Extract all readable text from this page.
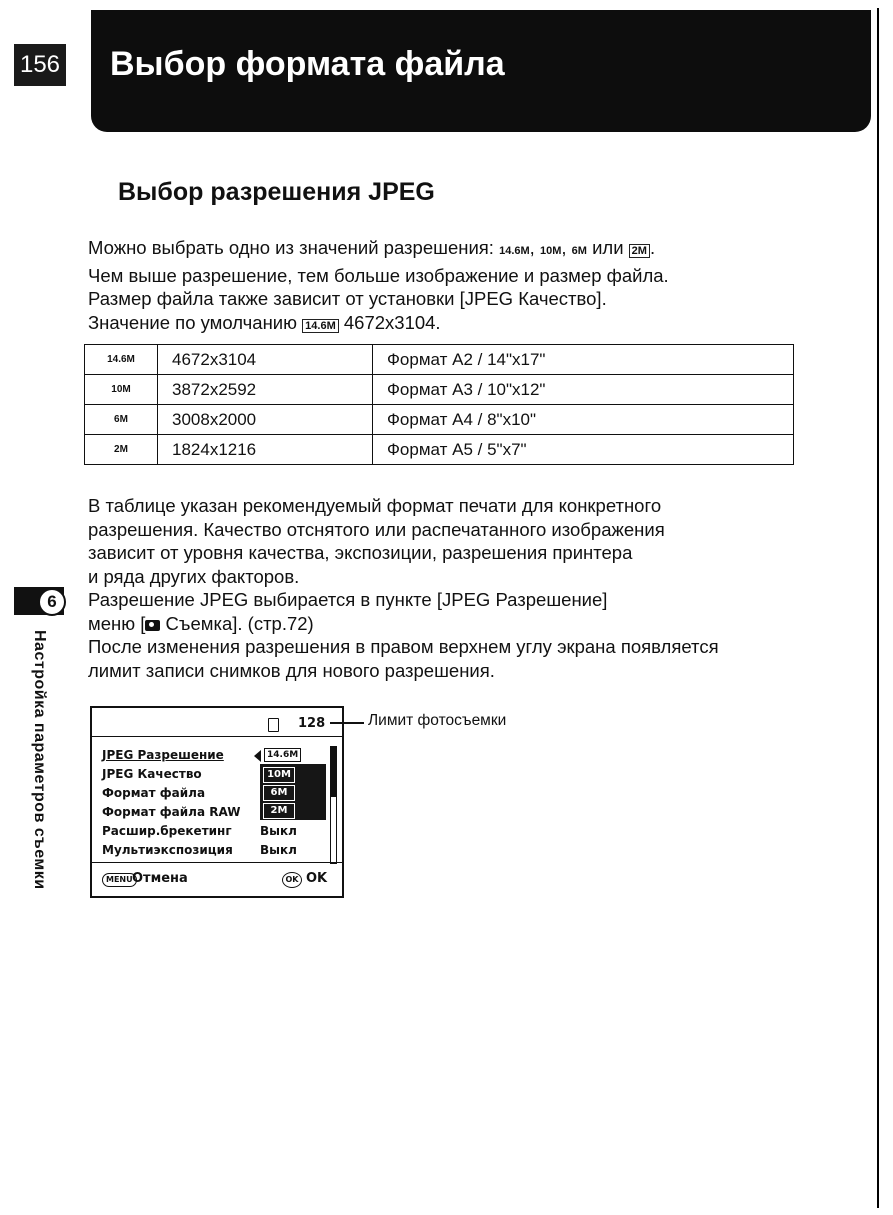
156 Выбор формата файла
Выбор разрешения JPEG

Можно выбрать одно из значений разрешения: 14.6M, 10M, 6M или 2M .

Чем выше разрешение, тем больше изображение и размер файла.

Размер файла также зависит от установки [JPEG Качество].

Значение по умолчанию 14.6M 4672x3104.

14.6M	4672x3104	Формат A2 / 14"x17"
10M	3872x2592	Формат A3 / 10"x12"
6M	3008x2000	Формат A4 / 8"x10"
2M	1824x1216	Формат A5 / 5"x7"

В таблице указан рекомендуемый формат печати для конкретного

разрешения. Качество отснятого или распечатанного изображения

зависит от уровня качества, экспозиции, разрешения принтера

и ряда других факторов.

Разрешение JPEG выбирается в пункте [JPEG Разрешение]

меню [ Съемка]. (стр.72)

После изменения разрешения в правом верхнем углу экрана появляется

лимит записи снимков для нового разрешения.

6
Настройка параметров съемки	128
JPEG Разрешение
JPEG Качество
Формат файла
Формат файла RAW
Расшир.брекетинг
Мультиэкспозиция
14.6M
10M
6M
2M
Выкл
Выкл
MENU Отмена	OK OK
Лимит фотосъемки
